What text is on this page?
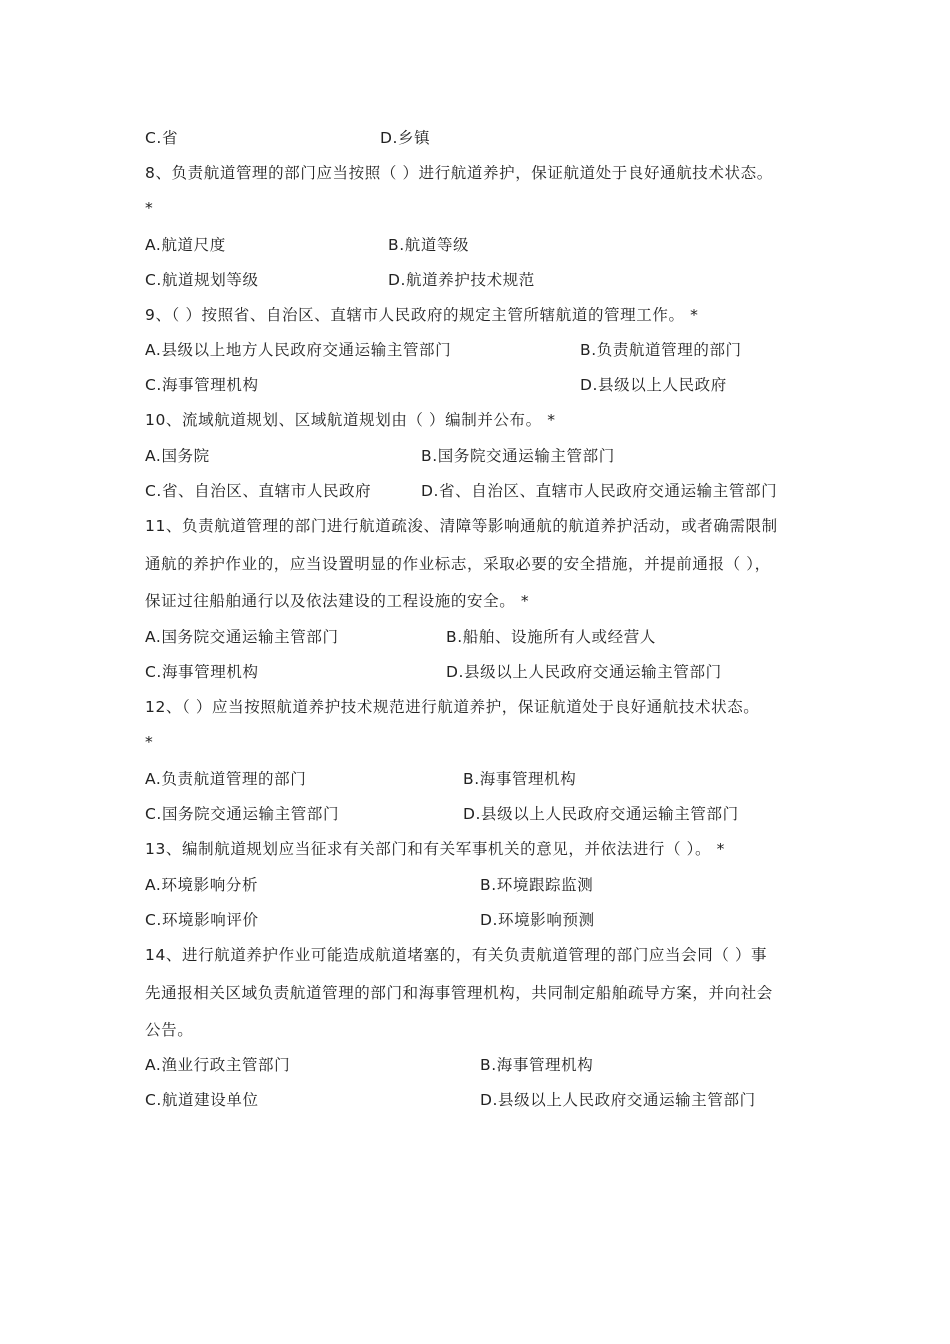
C.省	D.乡镇
8、负责航道管理的部门应当按照（ ）进行航道养护，保证航道处于良好通航技术状态。
*
A.航道尺度	B.航道等级
C.航道规划等级	D.航道养护技术规范
9、（ ）按照省、自治区、直辖市人民政府的规定主管所辖航道的管理工作。 *
A.县级以上地方人民政府交通运输主管部门	B.负责航道管理的部门
C.海事管理机构	D.县级以上人民政府
10、流域航道规划、区域航道规划由（ ）编制并公布。 *
A.国务院	B.国务院交通运输主管部门
C.省、自治区、直辖市人民政府	D.省、自治区、直辖市人民政府交通运输主管部门
11、负责航道管理的部门进行航道疏浚、清障等影响通航的航道养护活动，或者确需限制
通航的养护作业的，应当设置明显的作业标志，采取必要的安全措施，并提前通报（ ），
保证过往船舶通行以及依法建设的工程设施的安全。 *
A.国务院交通运输主管部门	B.船舶、设施所有人或经营人
C.海事管理机构	D.县级以上人民政府交通运输主管部门
12、（ ）应当按照航道养护技术规范进行航道养护，保证航道处于良好通航技术状态。
*
A.负责航道管理的部门	B.海事管理机构
C.国务院交通运输主管部门	D.县级以上人民政府交通运输主管部门
13、编制航道规划应当征求有关部门和有关军事机关的意见，并依法进行（ ）。 *
A.环境影响分析	B.环境跟踪监测
C.环境影响评价	D.环境影响预测
14、进行航道养护作业可能造成航道堵塞的，有关负责航道管理的部门应当会同（ ）事
先通报相关区域负责航道管理的部门和海事管理机构，共同制定船舶疏导方案，并向社会
公告。
A.渔业行政主管部门	B.海事管理机构
C.航道建设单位	D.县级以上人民政府交通运输主管部门
